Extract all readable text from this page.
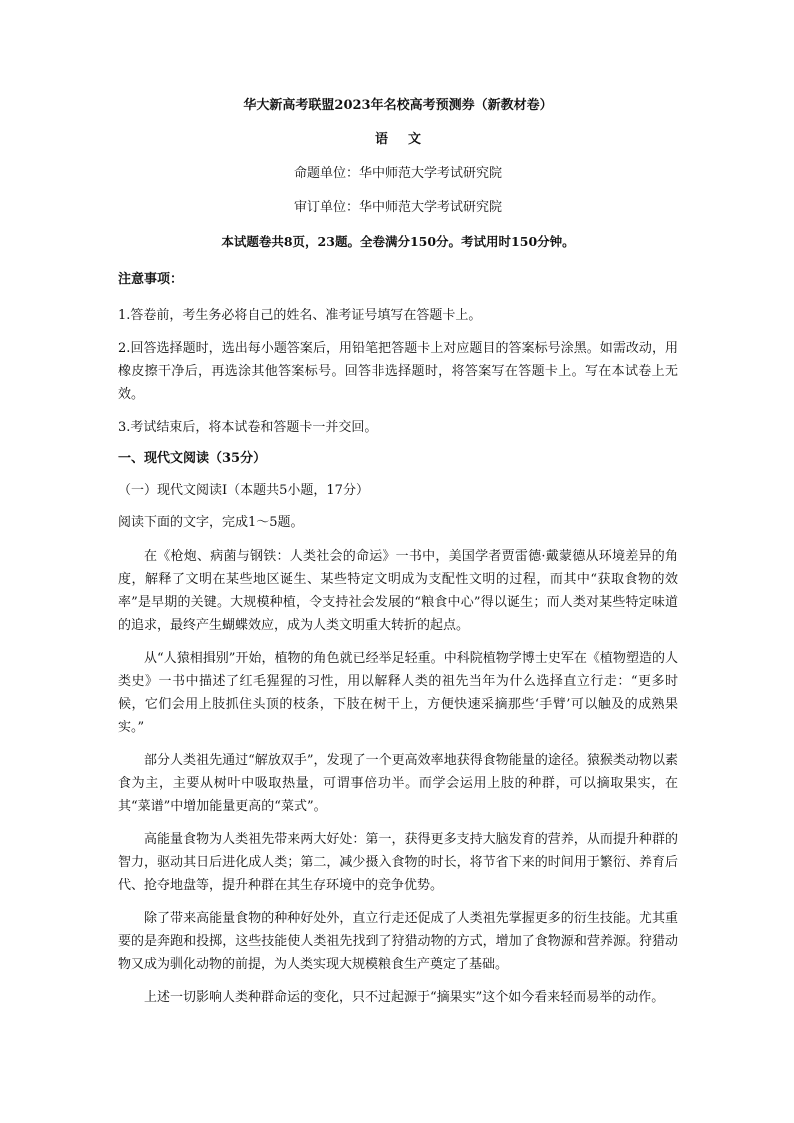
华大新高考联盟2023年名校高考预测券（新教材卷）
语文
命题单位：华中师范大学考试研究院
审订单位：华中师范大学考试研究院
本试题卷共8页，23题。全卷满分150分。考试用时150分钟。
注意事项：
1.答卷前，考生务必将自己的姓名、准考证号填写在答题卡上。
2.回答选择题时，选出每小题答案后，用铅笔把答题卡上对应题目的答案标号涂黑。如需改动，用橡皮擦干净后，再选涂其他答案标号。回答非选择题时，将答案写在答题卡上。写在本试卷上无效。
3.考试结束后，将本试卷和答题卡一并交回。
一、现代文阅读（35分）
（一）现代文阅读Ⅰ（本题共5小题，17分）
阅读下面的文字，完成1～5题。
在《枪炮、病菌与钢铁：人类社会的命运》一书中，美国学者贾雷德·戴蒙德从环境差异的角度，解释了文明在某些地区诞生、某些特定文明成为支配性文明的过程，而其中“获取食物的效率”是早期的关键。大规模种植，令支持社会发展的“粮食中心”得以诞生；而人类对某些特定味道的追求，最终产生蝴蝶效应，成为人类文明重大转折的起点。
从“人猿相揖别”开始，植物的角色就已经举足轻重。中科院植物学博士史军在《植物塑造的人类史》一书中描述了红毛猩猩的习性，用以解释人类的祖先当年为什么选择直立行走：“更多时候，它们会用上肢抓住头顶的枝条，下肢在树干上，方便快速采摘那些‘手臂’可以触及的成熟果实。”
部分人类祖先通过“解放双手”，发现了一个更高效率地获得食物能量的途径。猿猴类动物以素食为主，主要从树叶中吸取热量，可谓事倍功半。而学会运用上肢的种群，可以摘取果实，在其“菜谱”中增加能量更高的“菜式”。
高能量食物为人类祖先带来两大好处：第一，获得更多支持大脑发育的营养，从而提升种群的智力，驱动其日后进化成人类；第二，减少摄入食物的时长，将节省下来的时间用于繁衍、养育后代、抢夺地盘等，提升种群在其生存环境中的竞争优势。
除了带来高能量食物的种种好处外，直立行走还促成了人类祖先掌握更多的衍生技能。尤其重要的是奔跑和投掷，这些技能使人类祖先找到了狩猎动物的方式，增加了食物源和营养源。狩猎动物又成为驯化动物的前提，为人类实现大规模粮食生产奠定了基础。
上述一切影响人类种群命运的变化，只不过起源于“摘果实”这个如今看来轻而易举的动作。
